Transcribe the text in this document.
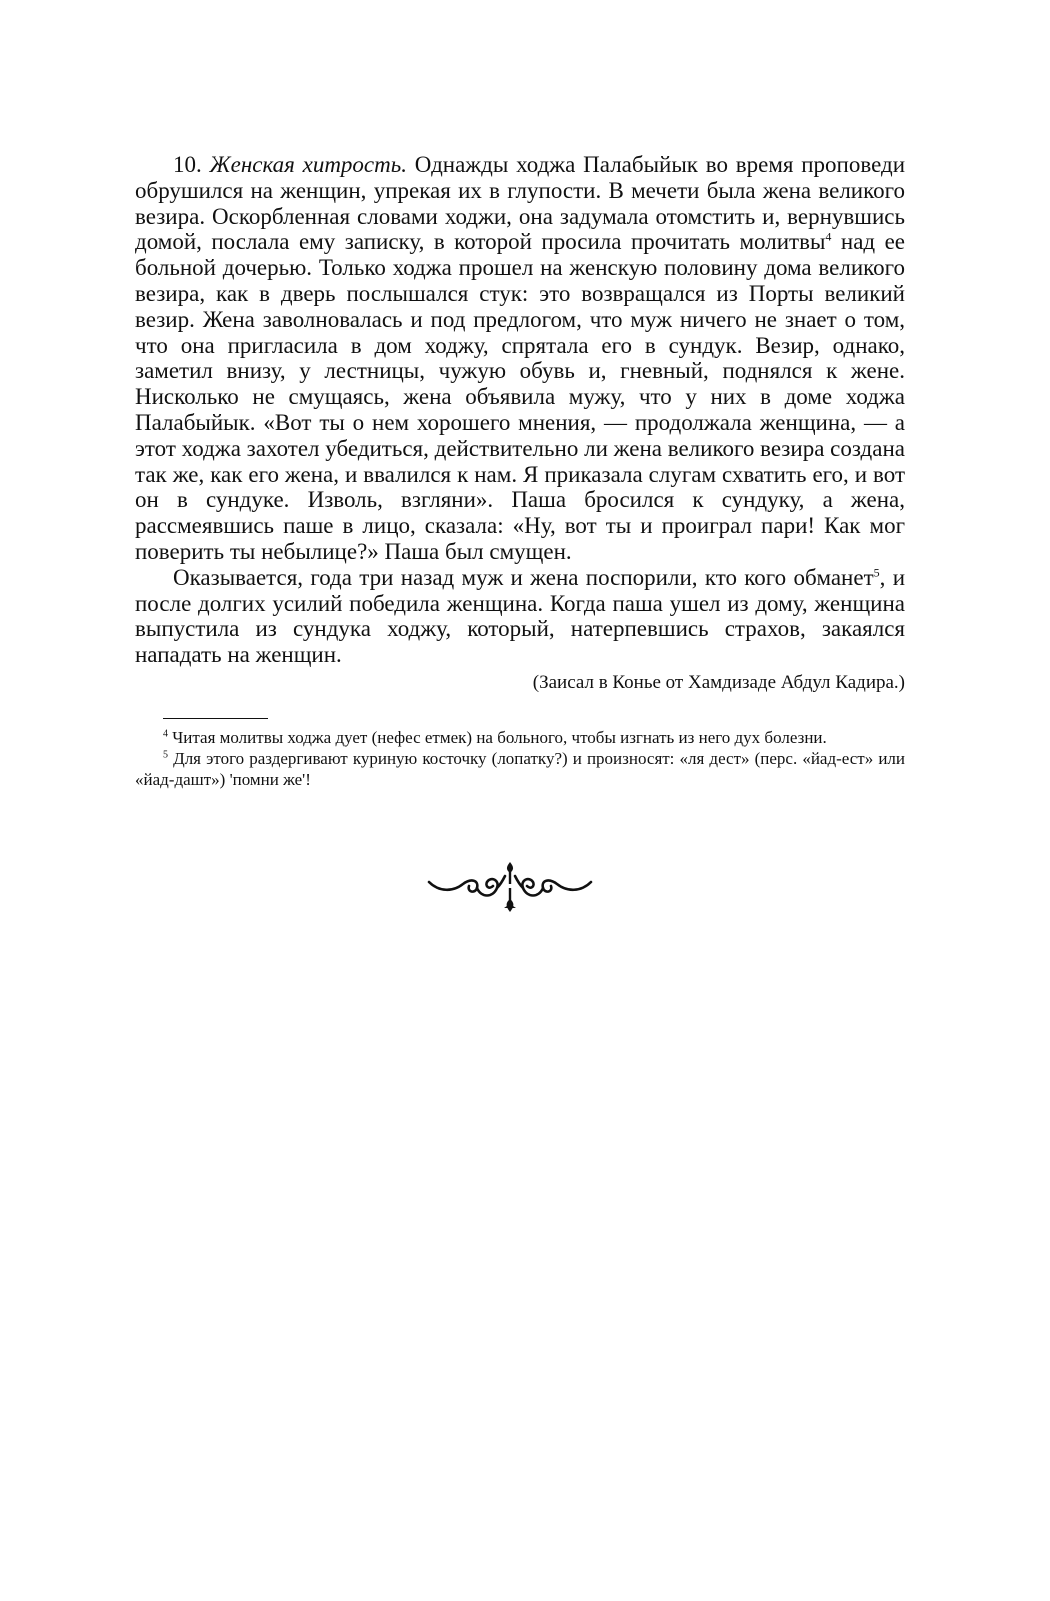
10. Женская хитрость. Однажды ходжа Палабыйык во время проповеди обрушился на женщин, упрекая их в глупости. В мечети была жена великого везира. Оскорбленная словами ходжи, она задумала отомстить и, вернувшись домой, послала ему записку, в которой просила прочитать молитвы$^4$ над ее больной дочерью. Только ходжа прошел на женскую половину дома великого везира, как в дверь послышался стук: это возвращался из Порты великий везир. Жена заволновалась и под предлогом, что муж ничего не знает о том, что она пригласила в дом ходжу, спрятала его в сундук. Везир, однако, заметил внизу, у лестницы, чужую обувь и, гневный, поднялся к жене. Нисколько не смущаясь, жена объявила мужу, что у них в доме ходжа Палабыйык. «Вот ты о нем хорошего мнения, — продолжала женщина, — а этот ходжа захотел убедиться, действительно ли жена великого везира создана так же, как его жена, и ввалился к нам. Я приказала слугам схватить его, и вот он в сундуке. Изволь, взгляни». Паша бросился к сундуку, а жена, рассмеявшись паше в лицо, сказала: «Ну, вот ты и проиграл пари! Как мог поверить ты небылице?» Паша был смущен.

Оказывается, года три назад муж и жена поспорили, кто кого обманет$^5$, и после долгих усилий победила женщина. Когда паша ушел из дому, женщина выпустила из сундука ходжу, который, натерпевшись страхов, закаялся нападать на женщин.

(Заисал в Конье от Хамдизаде Абдул Кадира.)

$^4$ Читая молитвы ходжа дует (нефес етмек) на больного, чтобы изгнать из него дух болезни.

$^5$ Для этого раздергивают куриную косточку (лопатку?) и произносят: «ля дест» (перс. «йад-ест» или «йад-дашт») 'помни же'!
